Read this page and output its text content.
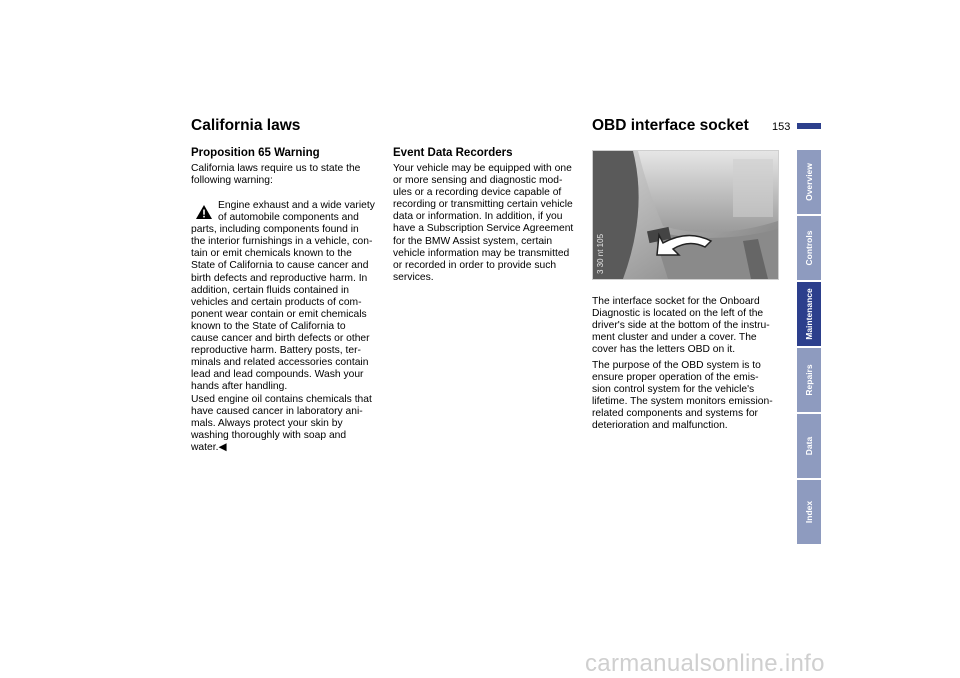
California laws	OBD interface socket 153
Proposition 65 Warning

California laws require us to state the

following warning:

Engine exhaust and a wide variety

of automobile components and

parts, including components found in

the interior furnishings in a vehicle, con-

tain or emit chemicals known to the

State of California to cause cancer and

birth defects and reproductive harm. In

addition, certain fluids contained in

vehicles and certain products of com-

ponent wear contain or emit chemicals

known to the State of California to

cause cancer and birth defects or other

reproductive harm. Battery posts, ter-

minals and related accessories contain

lead and lead compounds. Wash your

hands after handling.

Used engine oil contains chemicals that

have caused cancer in laboratory ani-

mals. Always protect your skin by

washing thoroughly with soap and

water.◀

Event Data Recorders

Your vehicle may be equipped with one

or more sensing and diagnostic mod-

ules or a recording device capable of

recording or transmitting certain vehicle

data or information. In addition, if you

have a Subscription Service Agreement

for the BMW Assist system, certain

vehicle information may be transmitted

or recorded in order to provide such

services.

3 30 nt 105

The interface socket for the Onboard

Diagnostic is located on the left of the

driver's side at the bottom of the instru-

ment cluster and under a cover. The

cover has the letters OBD on it.

The purpose of the OBD system is to

ensure proper operation of the emis-

sion control system for the vehicle's

lifetime. The system monitors emission-

related components and systems for

deterioration and malfunction.

Overview
Controls
Maintenance
Repairs
Data
Index
carmanualsonline.info
